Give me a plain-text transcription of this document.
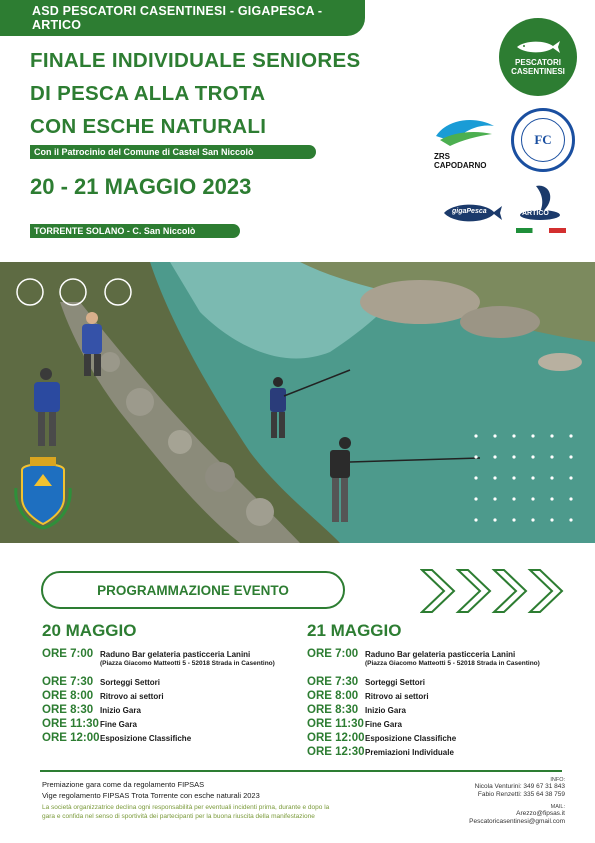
ASD PESCATORI CASENTINESI - GIGAPESCA - ARTICO
FINALE INDIVIDUALE SENIORES
DI PESCA ALLA TROTA
CON ESCHE NATURALI
Con il Patrocinio del Comune di Castel San Niccolò
20 - 21 MAGGIO 2023
TORRENTE SOLANO - C. San Niccolò
PESCATORI
CASENTINESI
ZRS CAPODARNO
FC
gigaPesca	ARTICO
PROGRAMMAZIONE EVENTO
20 MAGGIO	21 MAGGIO
ORE 7:00 Raduno Bar gelateria pasticceria Lanini
(Piazza Giacomo Matteotti 5 - 52018 Strada in Casentino)
ORE 7:30 Sorteggi Settori
ORE 8:00 Ritrovo ai settori
ORE 8:30 Inizio Gara
ORE 11:30 Fine Gara
ORE 12:00 Esposizione Classifiche
ORE 7:00 Raduno Bar gelateria pasticceria Lanini
(Piazza Giacomo Matteotti 5 - 52018 Strada in Casentino)
ORE 7:30 Sorteggi Settori
ORE 8:00 Ritrovo ai settori
ORE 8:30 Inizio Gara
ORE 11:30 Fine Gara
ORE 12:00 Esposizione Classifiche
ORE 12:30 Premiazioni Individuale
Premiazione gara come da regolamento FIPSAS
Vige regolamento FIPSAS Trota Torrente con esche naturali 2023
La società organizzatrice declina ogni responsabilità per eventuali incidenti prima, durante e dopo la gara e confida nel senso di sportività dei partecipanti per la buona riuscita della manifestazione
INFO:
Nicola Venturini: 349 67 31 843
Fabio Renzetti: 335 64 38 759
MAIL:
Arezzo@fipsas.it
Pescatoricasentinesi@gmail.com
